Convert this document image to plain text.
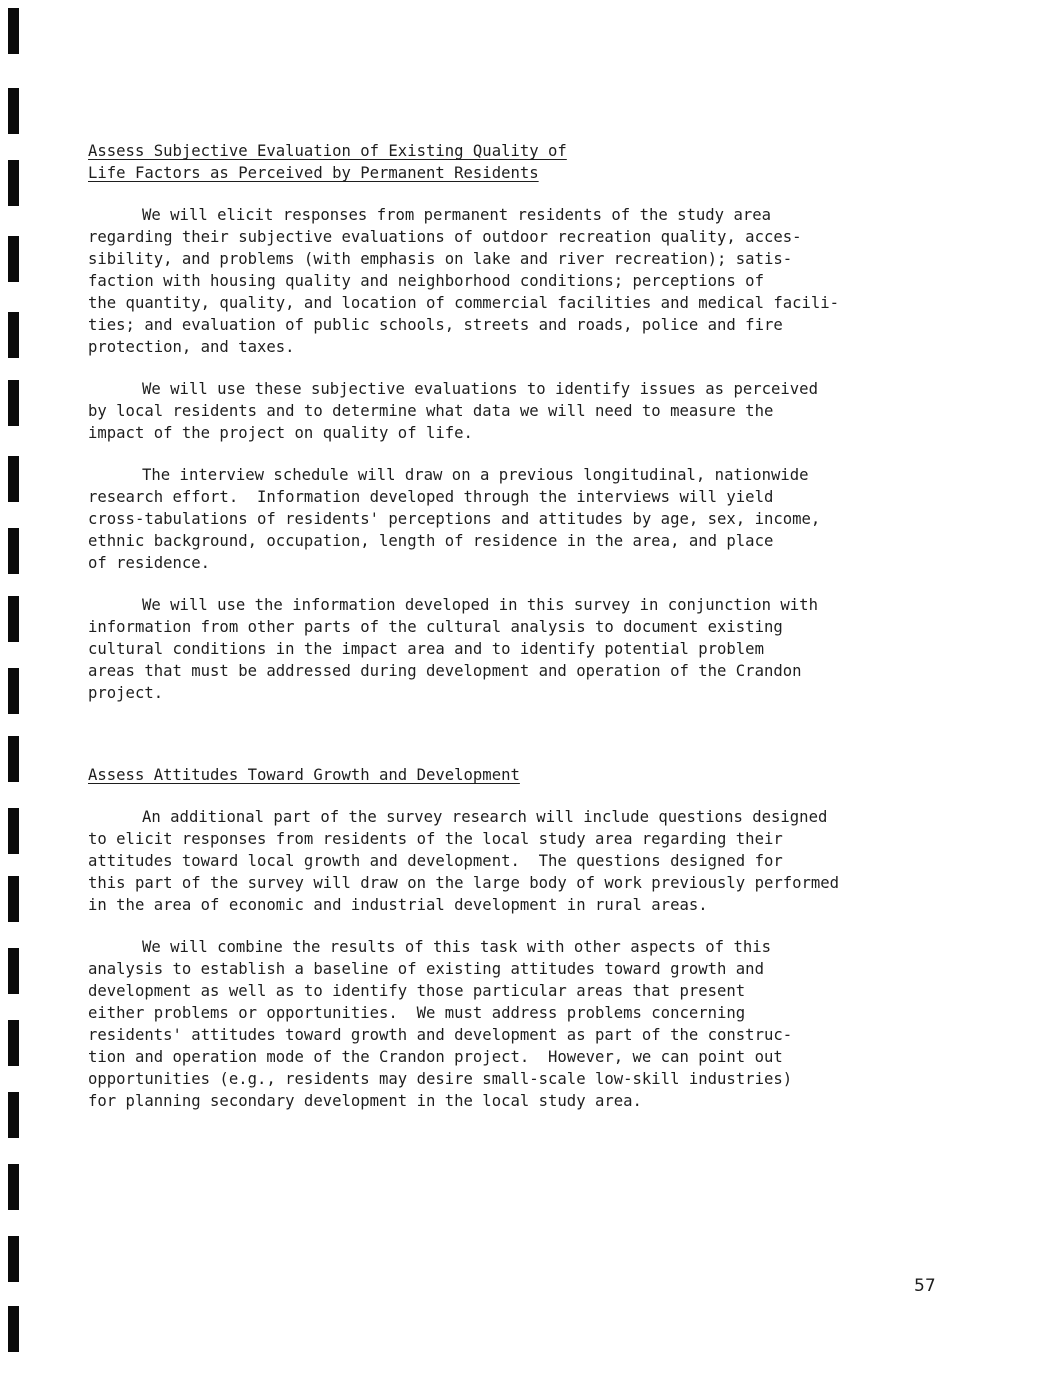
Assess Subjective Evaluation of Existing Quality of
Life Factors as Perceived by Permanent Residents

We will elicit responses from permanent residents of the study area
regarding their subjective evaluations of outdoor recreation quality, acces-
sibility, and problems (with emphasis on lake and river recreation); satis-
faction with housing quality and neighborhood conditions; perceptions of
the quantity, quality, and location of commercial facilities and medical facili-
ties; and evaluation of public schools, streets and roads, police and fire
protection, and taxes.

We will use these subjective evaluations to identify issues as perceived
by local residents and to determine what data we will need to measure the
impact of the project on quality of life.

The interview schedule will draw on a previous longitudinal, nationwide
research effort.  Information developed through the interviews will yield
cross-tabulations of residents' perceptions and attitudes by age, sex, income,
ethnic background, occupation, length of residence in the area, and place
of residence.

We will use the information developed in this survey in conjunction with
information from other parts of the cultural analysis to document existing
cultural conditions in the impact area and to identify potential problem
areas that must be addressed during development and operation of the Crandon
project.

Assess Attitudes Toward Growth and Development

An additional part of the survey research will include questions designed
to elicit responses from residents of the local study area regarding their
attitudes toward local growth and development.  The questions designed for
this part of the survey will draw on the large body of work previously performed
in the area of economic and industrial development in rural areas.

We will combine the results of this task with other aspects of this
analysis to establish a baseline of existing attitudes toward growth and
development as well as to identify those particular areas that present
either problems or opportunities.  We must address problems concerning
residents' attitudes toward growth and development as part of the construc-
tion and operation mode of the Crandon project.  However, we can point out
opportunities (e.g., residents may desire small-scale low-skill industries)
for planning secondary development in the local study area.

57
